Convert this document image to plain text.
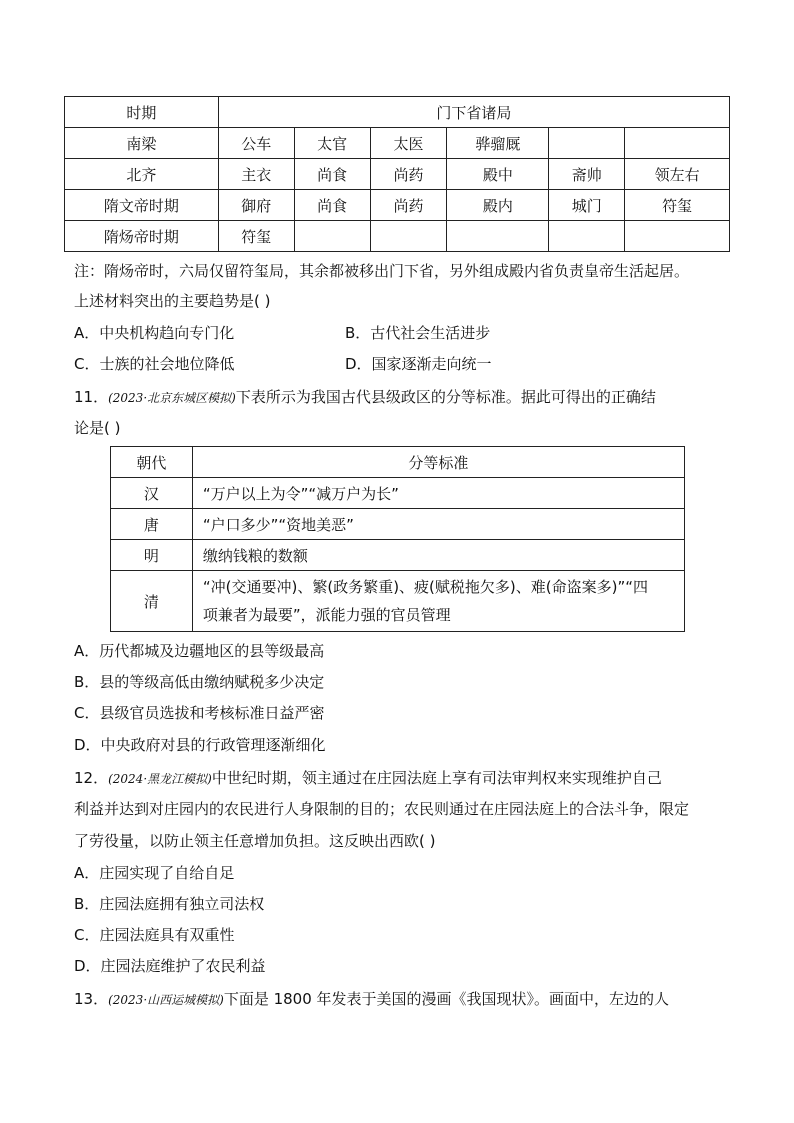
时期	门下省诸局					
南梁	公车	太官	太医	骅骝厩		
北齐	主衣	尚食	尚药	殿中	斋帅	领左右
隋文帝时期	御府	尚食	尚药	殿内	城门	符玺
隋炀帝时期	符玺					
注：隋炀帝时，六局仅留符玺局，其余都被移出门下省，另外组成殿内省负责皇帝生活起居。
上述材料突出的主要趋势是( )
A．中央机构趋向专门化	B．古代社会生活进步
C．士族的社会地位降低	D．国家逐渐走向统一
11．(2023·北京东城区模拟)下表所示为我国古代县级政区的分等标准。据此可得出的正确结
论是( )
朝代	分等标准
汉	“万户以上为令”“减万户为长”
唐	“户口多少”“资地美恶”
明	缴纳钱粮的数额
清	“冲(交通要冲)、繁(政务繁重)、疲(赋税拖欠多)、难(命盗案多)”“四
项兼者为最要”，派能力强的官员管理
A．历代都城及边疆地区的县等级最高
B．县的等级高低由缴纳赋税多少决定
C．县级官员选拔和考核标准日益严密
D．中央政府对县的行政管理逐渐细化
12．(2024·黑龙江模拟)中世纪时期，领主通过在庄园法庭上享有司法审判权来实现维护自己
利益并达到对庄园内的农民进行人身限制的目的；农民则通过在庄园法庭上的合法斗争，限定
了劳役量，以防止领主任意增加负担。这反映出西欧( )
A．庄园实现了自给自足
B．庄园法庭拥有独立司法权
C．庄园法庭具有双重性
D．庄园法庭维护了农民利益
13．(2023·山西运城模拟)下面是 1800 年发表于美国的漫画《我国现状》。画面中，左边的人
